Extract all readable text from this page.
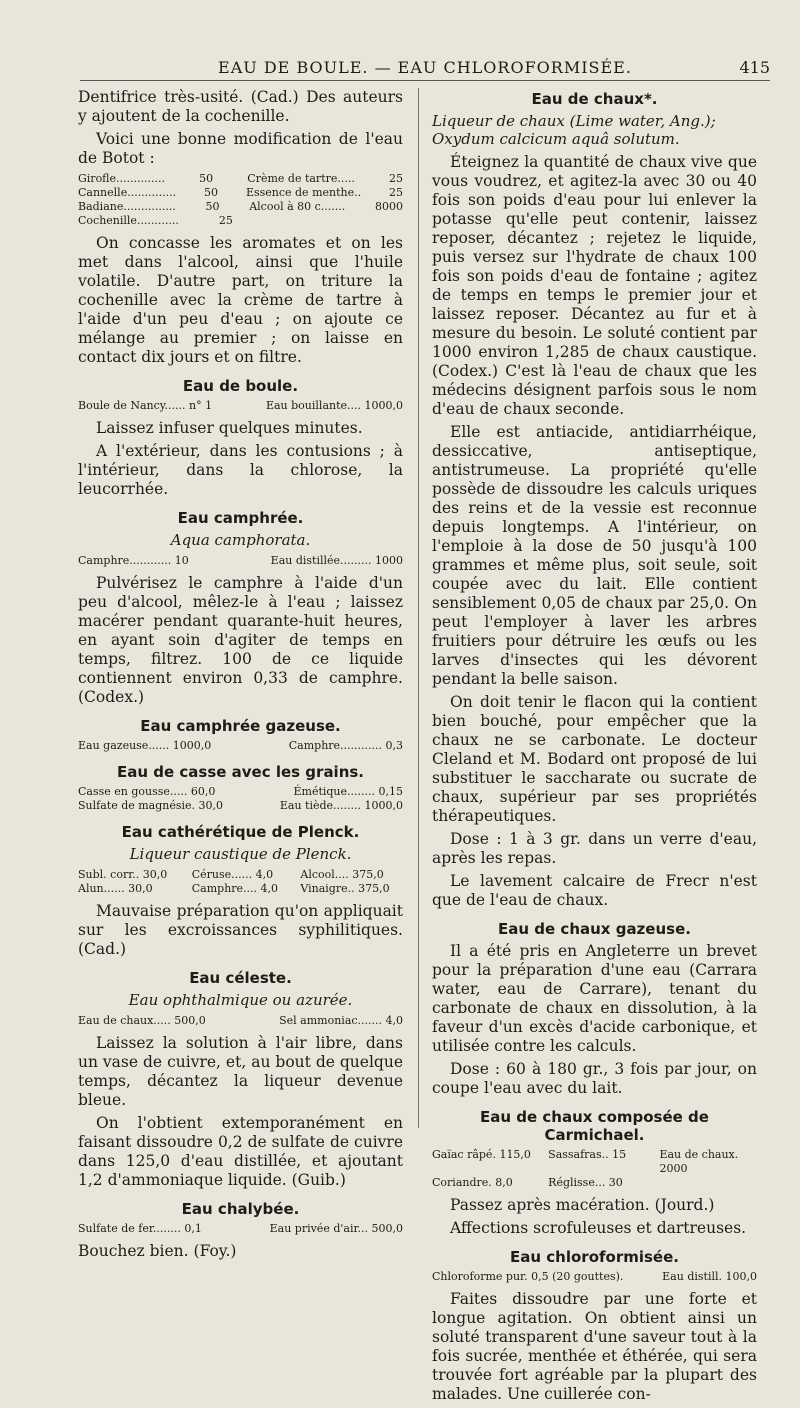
EAU DE BOULE. — EAU CHLOROFORMISÉE.	415

Dentifrice très-usité. (Cad.) Des auteurs y ajoutent de la cochenille.

Voici une bonne modification de l'eau de Botot :

Girofle..............	50	Crème de tartre.....	25
Cannelle..............	50	Essence de menthe..	25
Badiane...............	50	Alcool à 80 c.......	8000
Cochenille............	25

On concasse les aromates et on les met dans l'alcool, ainsi que l'huile volatile. D'autre part, on triture la cochenille avec la crème de tartre à l'aide d'un peu d'eau ; on ajoute ce mélange au premier ; on laisse en contact dix jours et on filtre.

Eau de boule.
Boule de Nancy...... n° 1	Eau bouillante.... 1000,0

Laissez infuser quelques minutes.

A l'extérieur, dans les contusions ; à l'intérieur, dans la chlorose, la leucorrhée.

Eau camphrée.
Aqua camphorata.
Camphre............ 10	Eau distillée......... 1000

Pulvérisez le camphre à l'aide d'un peu d'alcool, mêlez-le à l'eau ; laissez macérer pendant quarante-huit heures, en ayant soin d'agiter de temps en temps, filtrez. 100 de ce liquide contiennent environ 0,33 de camphre. (Codex.)

Eau camphrée gazeuse.
Eau gazeuse...... 1000,0	Camphre............ 0,3
Eau de casse avec les grains.
Casse en gousse..... 60,0	Émétique........ 0,15
Sulfate de magnésie. 30,0	Eau tiède........ 1000,0
Eau cathérétique de Plenck.
Liqueur caustique de Plenck.
Subl. corr.. 30,0	Céruse...... 4,0	Alcool.... 375,0
Alun...... 30,0	Camphre.... 4,0	Vinaigre.. 375,0

Mauvaise préparation qu'on appliquait sur les excroissances syphilitiques. (Cad.)

Eau céleste.
Eau ophthalmique ou azurée.
Eau de chaux..... 500,0	Sel ammoniac....... 4,0

Laissez la solution à l'air libre, dans un vase de cuivre, et, au bout de quelque temps, décantez la liqueur devenue bleue.

On l'obtient extemporanément en faisant dissoudre 0,2 de sulfate de cuivre dans 125,0 d'eau distillée, et ajoutant 1,2 d'ammoniaque liquide. (Guib.)

Eau chalybée.
Sulfate de fer........ 0,1	Eau privée d'air... 500,0

Bouchez bien. (Foy.)

Eau de chaux*.
Liqueur de chaux (Lime water, Ang.); Oxydum calcicum aquâ solutum.

Éteignez la quantité de chaux vive que vous voudrez, et agitez-la avec 30 ou 40 fois son poids d'eau pour lui enlever la potasse qu'elle peut contenir, laissez reposer, décantez ; rejetez le liquide, puis versez sur l'hydrate de chaux 100 fois son poids d'eau de fontaine ; agitez de temps en temps le premier jour et laissez reposer. Décantez au fur et à mesure du besoin. Le soluté contient par 1000 environ 1,285 de chaux caustique. (Codex.) C'est là l'eau de chaux que les médecins désignent parfois sous le nom d'eau de chaux seconde.

Elle est antiacide, antidiarrhéique, dessiccative, antiseptique, antistrumeuse. La propriété qu'elle possède de dissoudre les calculs uriques des reins et de la vessie est reconnue depuis longtemps. A l'intérieur, on l'emploie à la dose de 50 jusqu'à 100 grammes et même plus, soit seule, soit coupée avec du lait. Elle contient sensiblement 0,05 de chaux par 25,0. On peut l'employer à laver les arbres fruitiers pour détruire les œufs ou les larves d'insectes qui les dévorent pendant la belle saison.

On doit tenir le flacon qui la contient bien bouché, pour empêcher que la chaux ne se carbonate. Le docteur Cleland et M. Bodard ont proposé de lui substituer le saccharate ou sucrate de chaux, supérieur par ses propriétés thérapeutiques.

Dose : 1 à 3 gr. dans un verre d'eau, après les repas.

Le lavement calcaire de Frecr n'est que de l'eau de chaux.

Eau de chaux gazeuse.

Il a été pris en Angleterre un brevet pour la préparation d'une eau (Carrara water, eau de Carrare), tenant du carbonate de chaux en dissolution, à la faveur d'un excès d'acide carbonique, et utilisée contre les calculs.

Dose : 60 à 180 gr., 3 fois par jour, on coupe l'eau avec du lait.

Eau de chaux composée de Carmichael.
Gaïac râpé. 115,0	Sassafras.. 15	Eau de chaux. 2000
Coriandre. 8,0	Réglisse... 30

Passez après macération. (Jourd.)

Affections scrofuleuses et dartreuses.

Eau chloroformisée.
Chloroforme pur. 0,5 (20 gouttes).	Eau distill. 100,0

Faites dissoudre par une forte et longue agitation. On obtient ainsi un soluté transparent d'une saveur tout à la fois sucrée, menthée et éthérée, qui sera trouvée fort agréable par la plupart des malades. Une cuillerée con-
